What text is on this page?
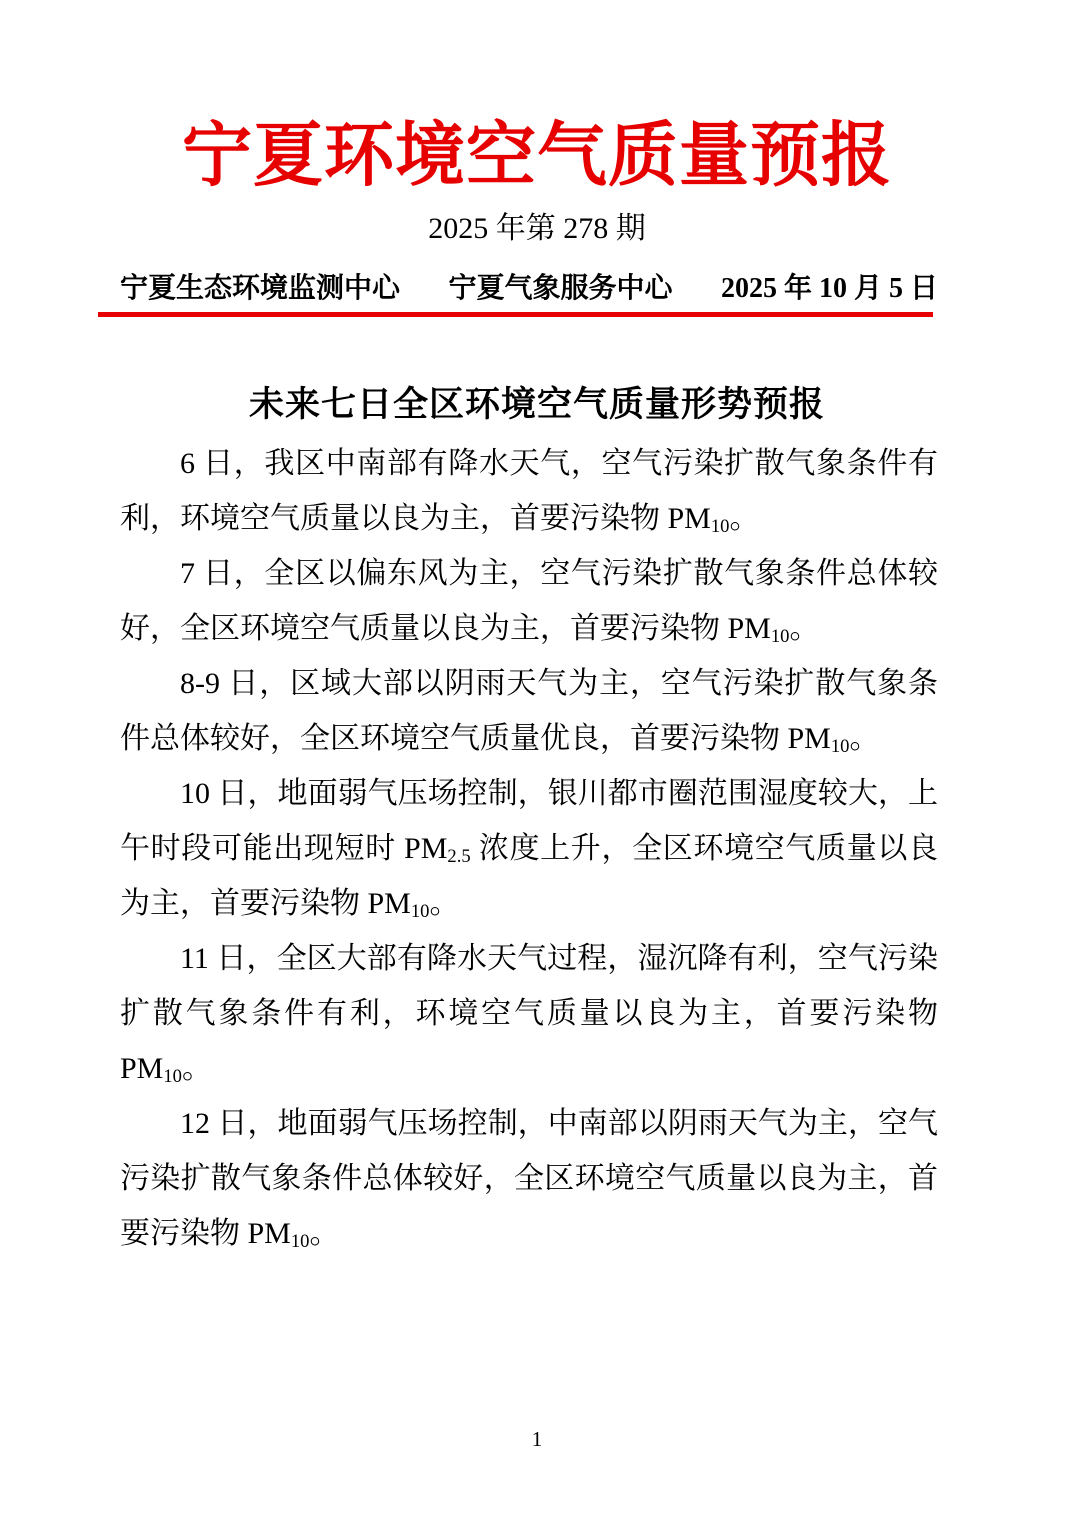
宁夏环境空气质量预报
2025 年第 278 期
宁夏生态环境监测中心 宁夏气象服务中心 2025 年 10 月 5 日
未来七日全区环境空气质量形势预报

6 日，我区中南部有降水天气，空气污染扩散气象条件有利，环境空气质量以良为主，首要污染物 $PM_{10}$。

7 日，全区以偏东风为主，空气污染扩散气象条件总体较好，全区环境空气质量以良为主，首要污染物 $PM_{10}$。

8-9 日，区域大部以阴雨天气为主，空气污染扩散气象条件总体较好，全区环境空气质量优良，首要污染物 $PM_{10}$。

10 日，地面弱气压场控制，银川都市圈范围湿度较大，上午时段可能出现短时 $PM_{2.5}$ 浓度上升，全区环境空气质量以良为主，首要污染物 $PM_{10}$。

11 日，全区大部有降水天气过程，湿沉降有利，空气污染扩散气象条件有利，环境空气质量以良为主，首要污染物 $PM_{10}$。

12 日，地面弱气压场控制，中南部以阴雨天气为主，空气污染扩散气象条件总体较好，全区环境空气质量以良为主，首要污染物 $PM_{10}$。

1
